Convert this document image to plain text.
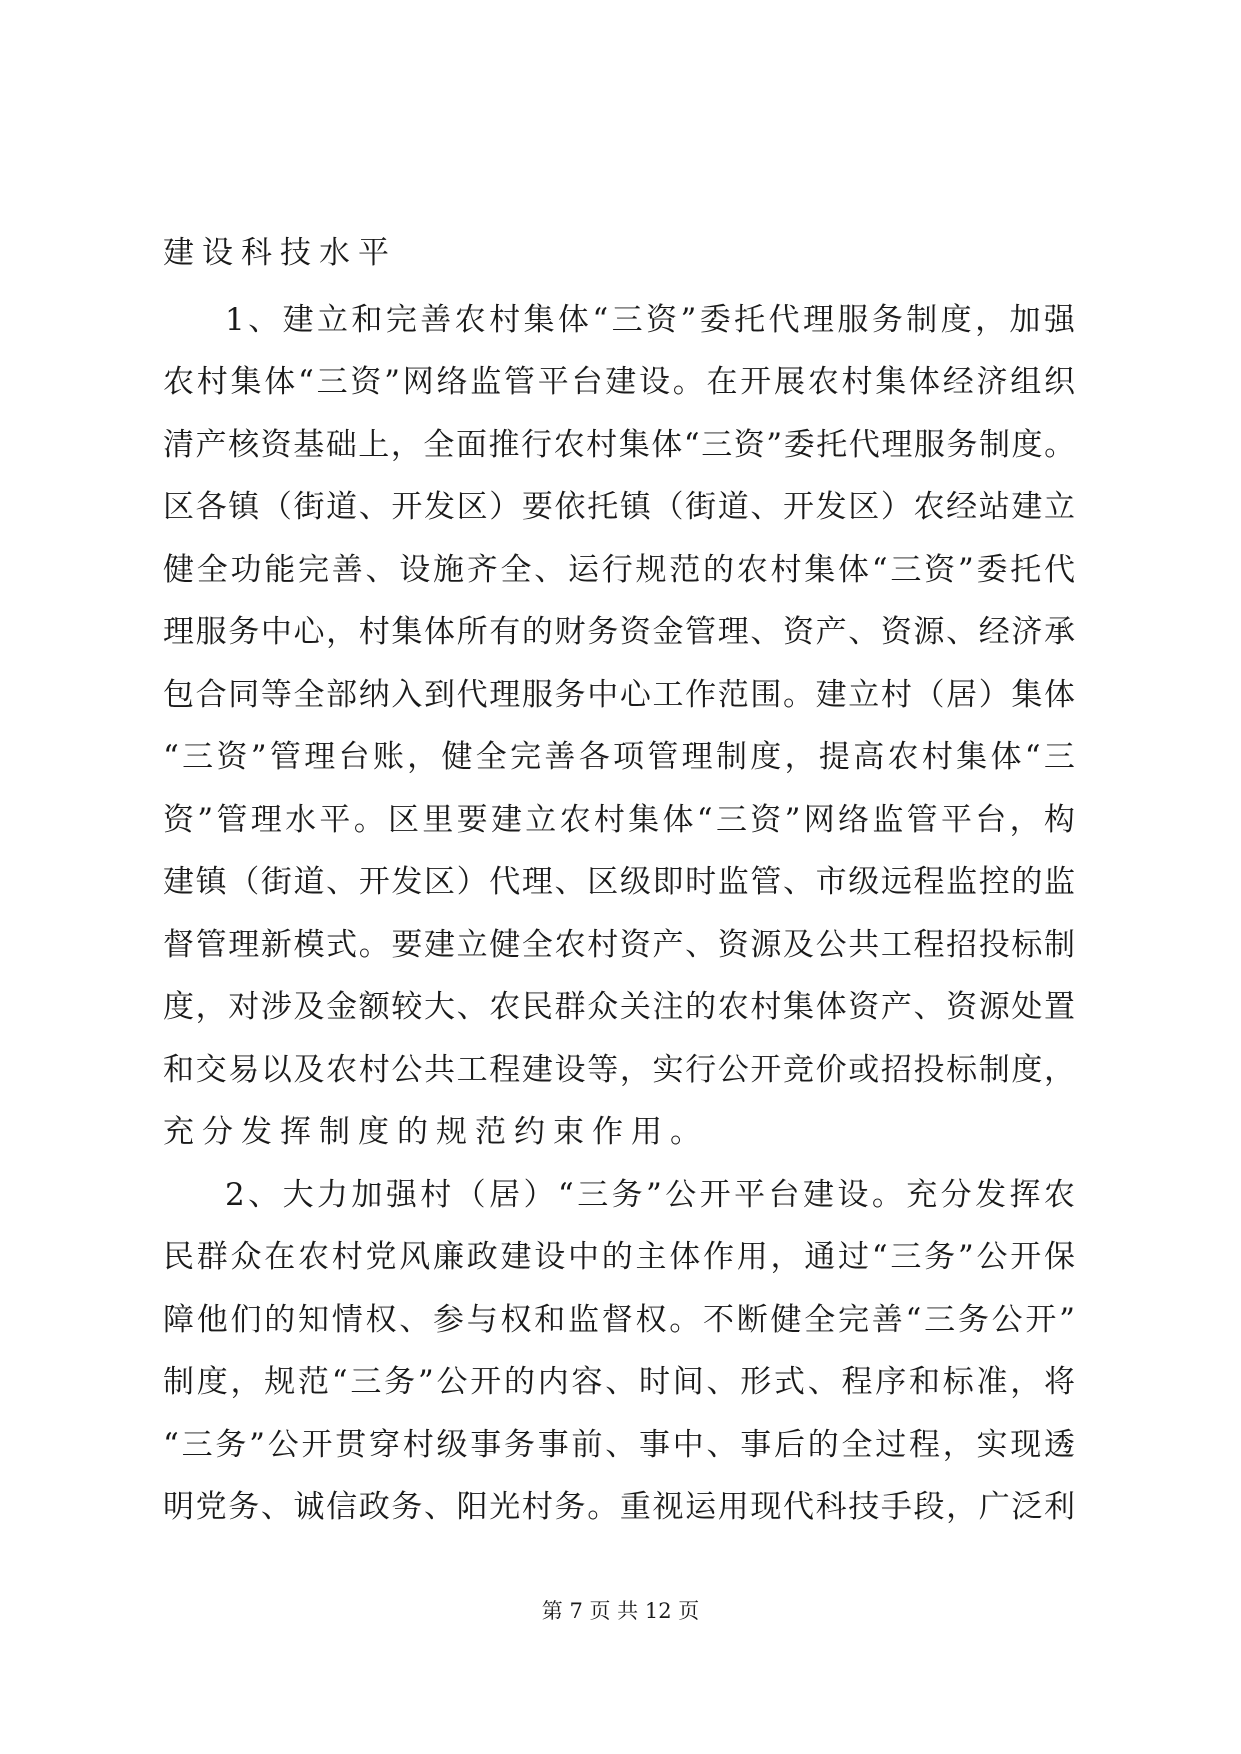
建设科技水平
1、建立和完善农村集体“三资”委托代理服务制度，加强
农村集体“三资”网络监管平台建设。在开展农村集体经济组织
清产核资基础上，全面推行农村集体“三资”委托代理服务制度。
区各镇（街道、开发区）要依托镇（街道、开发区）农经站建立
健全功能完善、设施齐全、运行规范的农村集体“三资”委托代
理服务中心，村集体所有的财务资金管理、资产、资源、经济承
包合同等全部纳入到代理服务中心工作范围。建立村（居）集体
“三资”管理台账，健全完善各项管理制度，提高农村集体“三
资”管理水平。区里要建立农村集体“三资”网络监管平台，构
建镇（街道、开发区）代理、区级即时监管、市级远程监控的监
督管理新模式。要建立健全农村资产、资源及公共工程招投标制
度，对涉及金额较大、农民群众关注的农村集体资产、资源处置
和交易以及农村公共工程建设等，实行公开竞价或招投标制度，
充分发挥制度的规范约束作用。
2、大力加强村（居）“三务”公开平台建设。充分发挥农
民群众在农村党风廉政建设中的主体作用，通过“三务”公开保
障他们的知情权、参与权和监督权。不断健全完善“三务公开”
制度，规范“三务”公开的内容、时间、形式、程序和标准，将
“三务”公开贯穿村级事务事前、事中、事后的全过程，实现透
明党务、诚信政务、阳光村务。重视运用现代科技手段，广泛利
第 7 页 共 12 页
